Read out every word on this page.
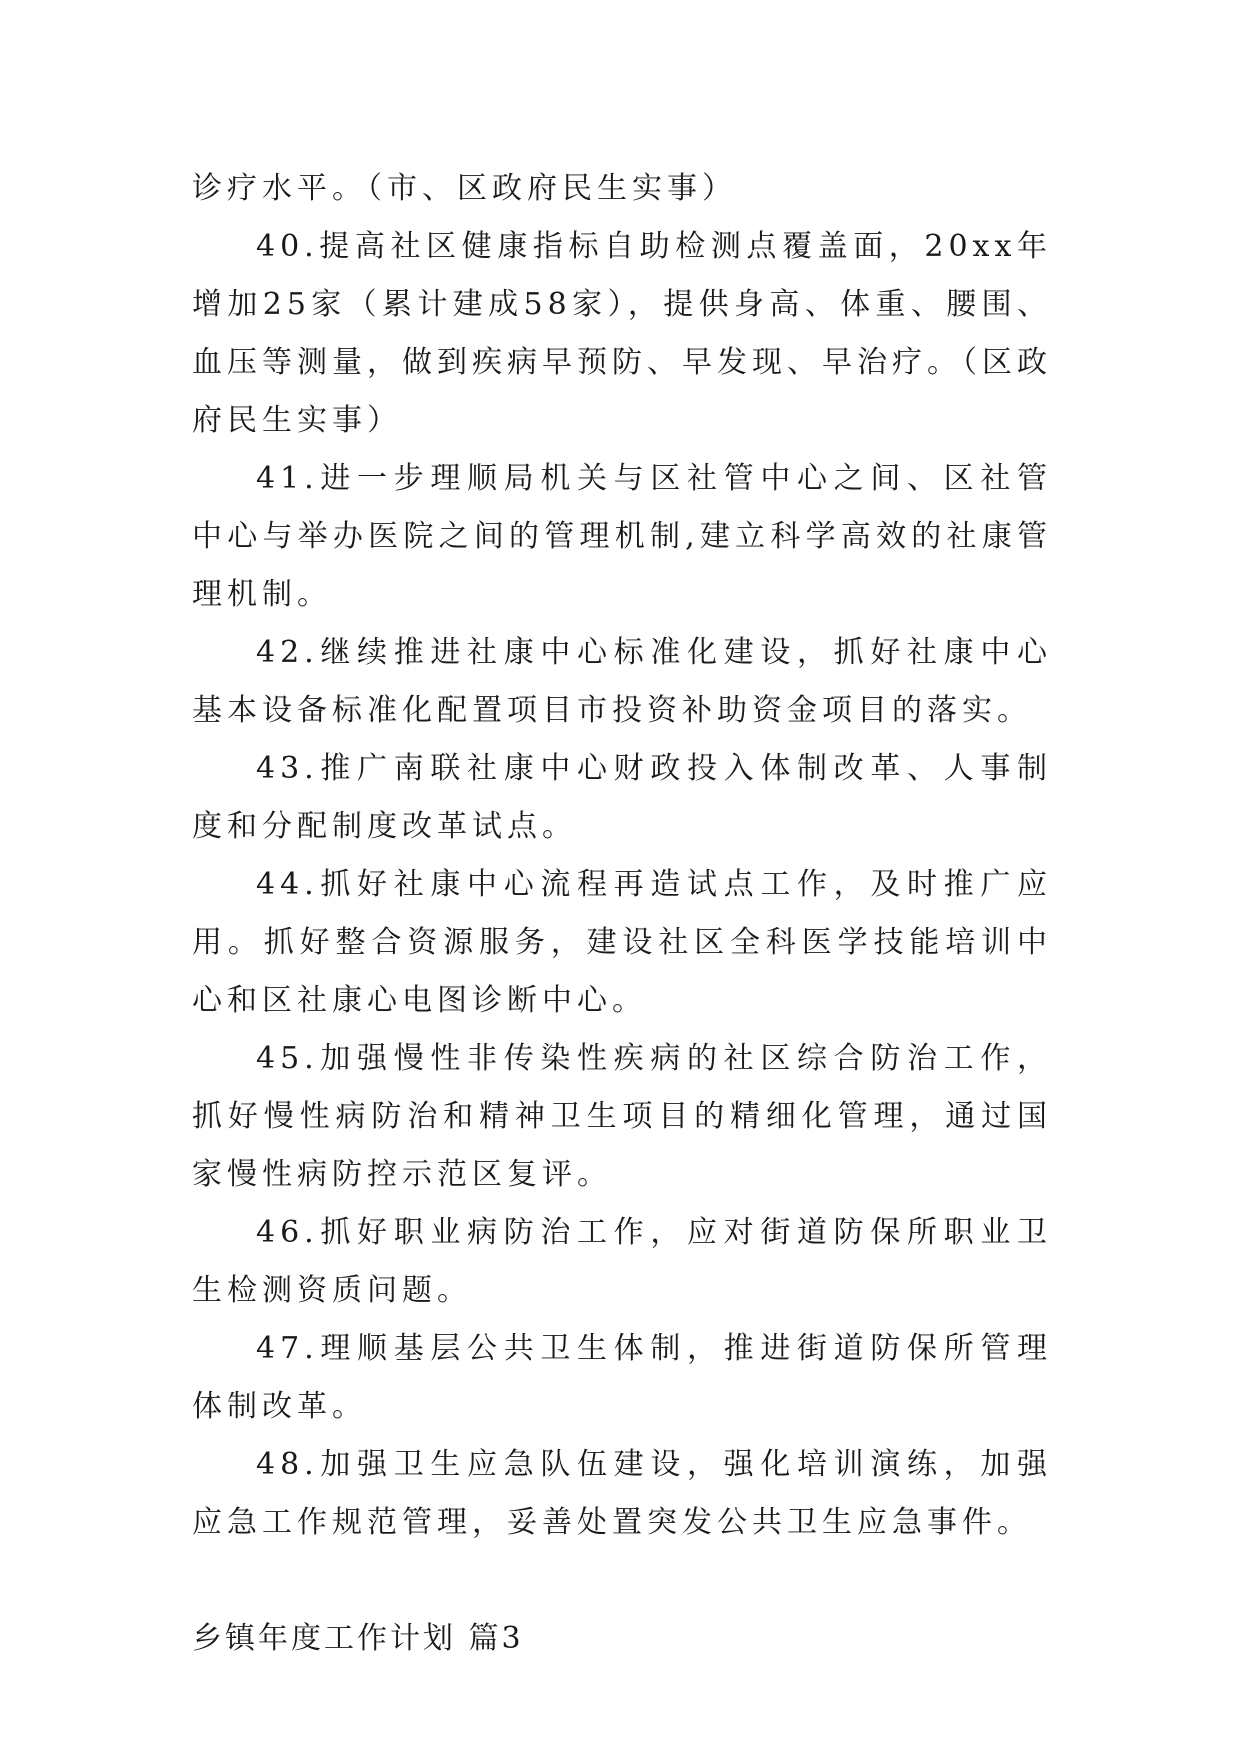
诊疗水平。（市、区政府民生实事）

40.提高社区健康指标自助检测点覆盖面，20xx年增加25家（累计建成58家），提供身高、体重、腰围、血压等测量，做到疾病早预防、早发现、早治疗。（区政府民生实事）

41.进一步理顺局机关与区社管中心之间、区社管中心与举办医院之间的管理机制,建立科学高效的社康管理机制。

42.继续推进社康中心标准化建设，抓好社康中心基本设备标准化配置项目市投资补助资金项目的落实。

43.推广南联社康中心财政投入体制改革、人事制度和分配制度改革试点。

44.抓好社康中心流程再造试点工作，及时推广应用。抓好整合资源服务，建设社区全科医学技能培训中心和区社康心电图诊断中心。

45.加强慢性非传染性疾病的社区综合防治工作，抓好慢性病防治和精神卫生项目的精细化管理，通过国家慢性病防控示范区复评。

46.抓好职业病防治工作，应对街道防保所职业卫生检测资质问题。

47.理顺基层公共卫生体制，推进街道防保所管理体制改革。

48.加强卫生应急队伍建设，强化培训演练，加强应急工作规范管理，妥善处置突发公共卫生应急事件。

乡镇年度工作计划 篇3
